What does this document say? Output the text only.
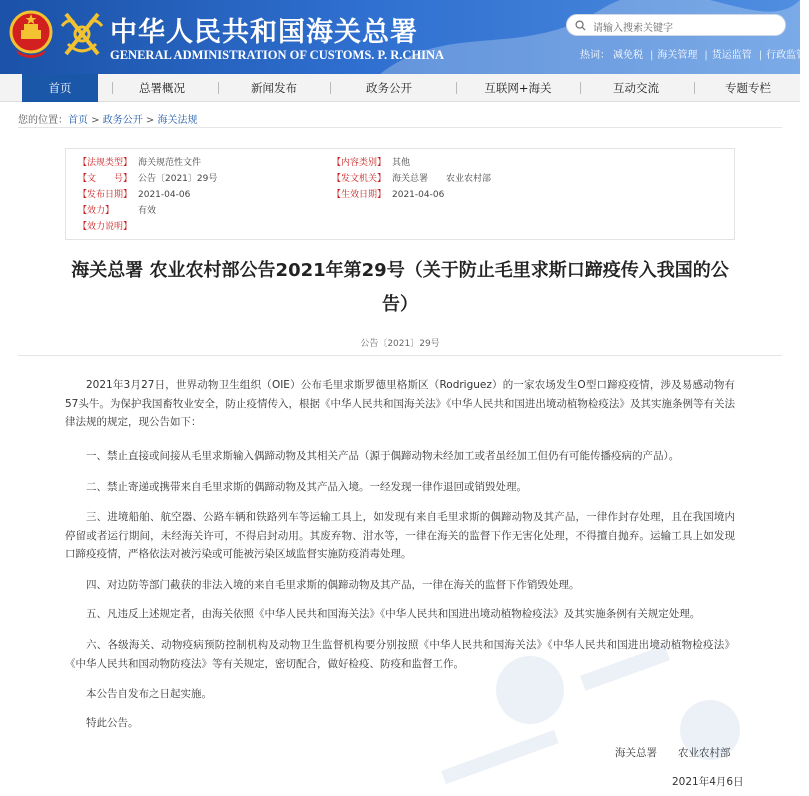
中华人民共和国海关总署
GENERAL ADMINISTRATION OF CUSTOMS. P. R.CHINA
请输入搜索关键字
热词： 减免税 | 海关管理 | 货运监管 | 行政监管
首页	总署概况	新闻发布	政务公开	互联网+海关	互动交流	专题专栏
您的位置：首页 > 政务公开 > 海关法规
【法规类型】 海关规范性文件	【内容类别】 其他
【文　　号】 公告〔2021〕29号	【发文机关】 海关总署　　农业农村部
【发布日期】 2021-04-06	【生效日期】 2021-04-06
【效力】	有效
【效力说明】
海关总署 农业农村部公告2021年第29号（关于防止毛里求斯口蹄疫传入我国的公告）
公告〔2021〕29号
2021年3月27日，世界动物卫生组织（OIE）公布毛里求斯罗德里格斯区（Rodriguez）的一家农场发生O型口蹄疫疫情，涉及易感动物有57头牛。为保护我国畜牧业安全，防止疫情传入，根据《中华人民共和国海关法》《中华人民共和国进出境动植物检疫法》及其实施条例等有关法律法规的规定，现公告如下：
一、禁止直接或间接从毛里求斯输入偶蹄动物及其相关产品（源于偶蹄动物未经加工或者虽经加工但仍有可能传播疫病的产品）。
二、禁止寄递或携带来自毛里求斯的偶蹄动物及其产品入境。一经发现一律作退回或销毁处理。
三、进境船舶、航空器、公路车辆和铁路列车等运输工具上，如发现有来自毛里求斯的偶蹄动物及其产品，一律作封存处理，且在我国境内停留或者运行期间，未经海关许可，不得启封动用。其废弃物、泔水等，一律在海关的监督下作无害化处理，不得擅自抛弃。运输工具上如发现口蹄疫疫情，严格依法对被污染或可能被污染区域监督实施防疫消毒处理。
四、对边防等部门截获的非法入境的来自毛里求斯的偶蹄动物及其产品，一律在海关的监督下作销毁处理。
五、凡违反上述规定者，由海关依照《中华人民共和国海关法》《中华人民共和国进出境动植物检疫法》及其实施条例有关规定处理。
六、各级海关、动物疫病预防控制机构及动物卫生监督机构要分别按照《中华人民共和国海关法》《中华人民共和国进出境动植物检疫法》《中华人民共和国动物防疫法》等有关规定，密切配合，做好检疫、防疫和监督工作。
本公告自发布之日起实施。
特此公告。
海关总署　　农业农村部
2021年4月6日
